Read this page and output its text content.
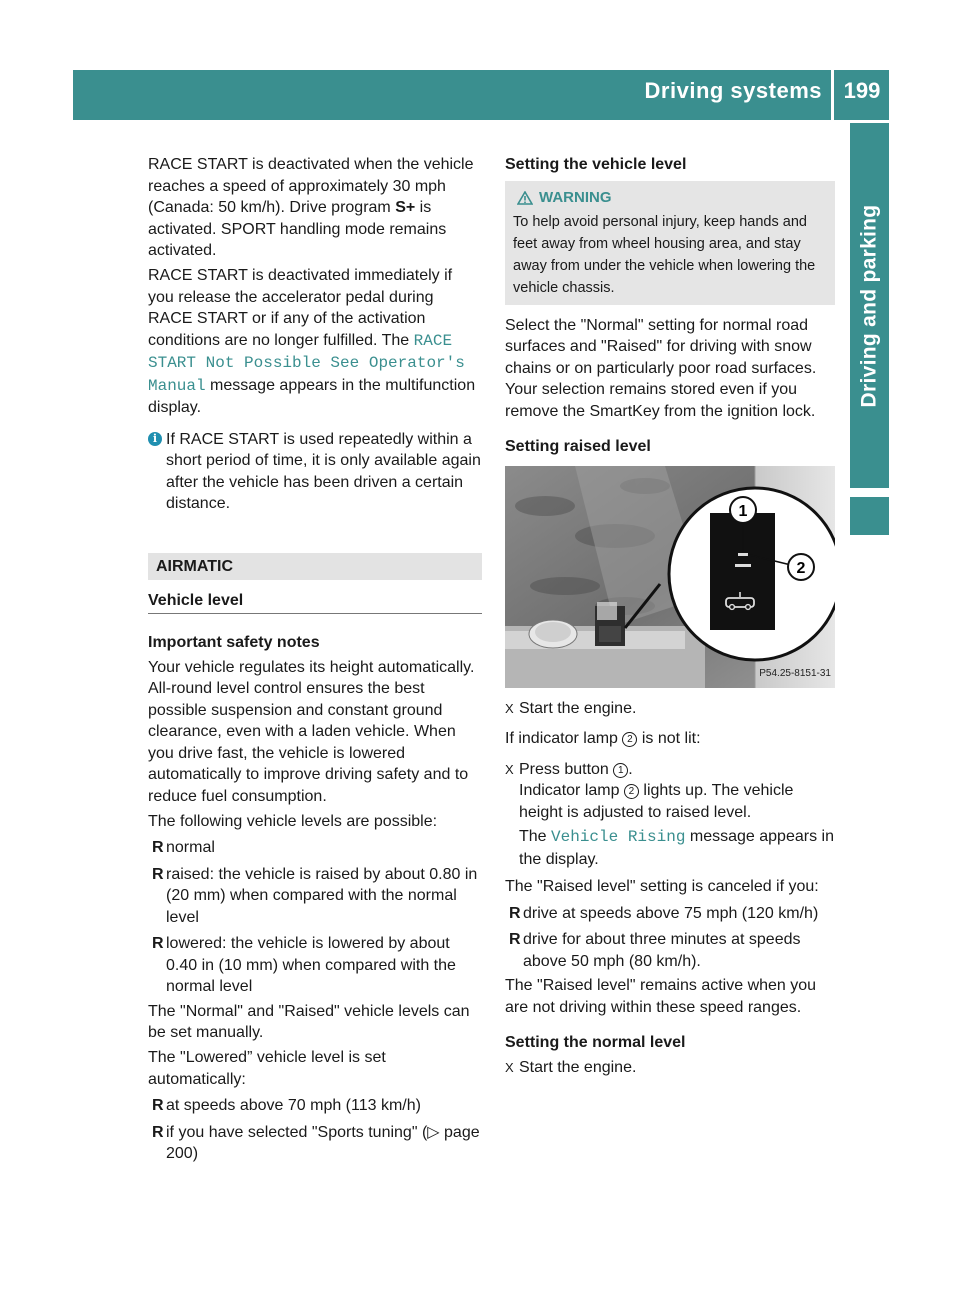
Driving systems 199
Driving and parking

RACE START is deactivated when the vehicle reaches a speed of approximately 30 mph (Canada: 50 km/h). Drive program S+ is activated. SPORT handling mode remains activated.

RACE START is deactivated immediately if you release the accelerator pedal during RACE START or if any of the activation conditions are no longer fulfilled. The RACE START Not Possible See Operator's Manual message appears in the multifunction display.

i If RACE START is used repeatedly within a short period of time, it is only available again after the vehicle has been driven a certain distance.
AIRMATIC
Vehicle level
Important safety notes

Your vehicle regulates its height automatically. All-round level control ensures the best possible suspension and constant ground clearance, even with a laden vehicle. When you drive fast, the vehicle is lowered automatically to improve driving safety and to reduce fuel consumption.

The following vehicle levels are possible:

R normal
R raised: the vehicle is raised by about 0.80 in (20 mm) when compared with the normal level
R lowered: the vehicle is lowered by about 0.40 in (10 mm) when compared with the normal level

The "Normal" and "Raised" vehicle levels can be set manually.

The "Lowered” vehicle level is set automatically:

R at speeds above 70 mph (113 km/h)
R if you have selected "Sports tuning" (▷ page 200)
Setting the vehicle level
WARNING
To help avoid personal injury, keep hands and feet away from wheel housing area, and stay away from under the vehicle when lowering the vehicle chassis.

Select the "Normal" setting for normal road surfaces and "Raised" for driving with snow chains or on particularly poor road surfaces. Your selection remains stored even if you remove the SmartKey from the ignition lock.

Setting raised level
1
2
P54.25-8151-31
X Start the engine.

If indicator lamp 2 is not lit:

X Press button 1 .
Indicator lamp 2 lights up. The vehicle height is adjusted to raised level.

The Vehicle Rising message appears in the display.

The "Raised level" setting is canceled if you:

R drive at speeds above 75 mph (120 km/h)
R drive for about three minutes at speeds above 50 mph (80 km/h).

The "Raised level" remains active when you are not driving within these speed ranges.

Setting the normal level
X Start the engine.
